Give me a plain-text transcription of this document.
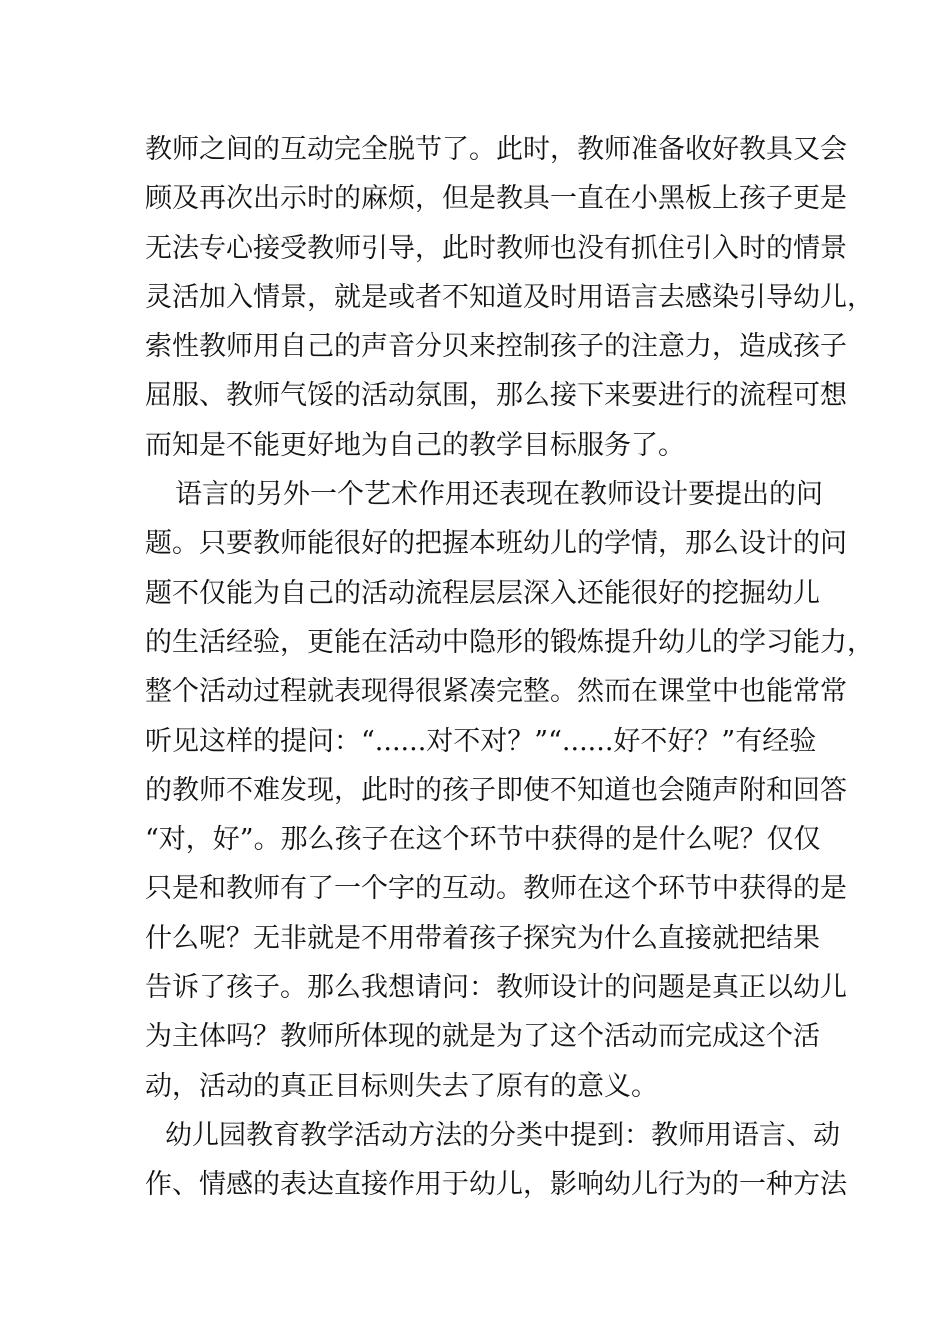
教师之间的互动完全脱节了。此时，教师准备收好教具又会
顾及再次出示时的麻烦，但是教具一直在小黑板上孩子更是
无法专心接受教师引导，此时教师也没有抓住引入时的情景
灵活加入情景，就是或者不知道及时用语言去感染引导幼儿，
索性教师用自己的声音分贝来控制孩子的注意力，造成孩子
屈服、教师气馁的活动氛围，那么接下来要进行的流程可想
而知是不能更好地为自己的教学目标服务了。
语言的另外一个艺术作用还表现在教师设计要提出的问
题。只要教师能很好的把握本班幼儿的学情，那么设计的问
题不仅能为自己的活动流程层层深入还能很好的挖掘幼儿
的生活经验，更能在活动中隐形的锻炼提升幼儿的学习能力，
整个活动过程就表现得很紧凑完整。然而在课堂中也能常常
听见这样的提问：“......对不对？”“......好不好？”有经验
的教师不难发现，此时的孩子即使不知道也会随声附和回答
“对，好”。那么孩子在这个环节中获得的是什么呢？仅仅
只是和教师有了一个字的互动。教师在这个环节中获得的是
什么呢？无非就是不用带着孩子探究为什么直接就把结果
告诉了孩子。那么我想请问：教师设计的问题是真正以幼儿
为主体吗？教师所体现的就是为了这个活动而完成这个活
动，活动的真正目标则失去了原有的意义。
幼儿园教育教学活动方法的分类中提到：教师用语言、动
作、情感的表达直接作用于幼儿，影响幼儿行为的一种方法
